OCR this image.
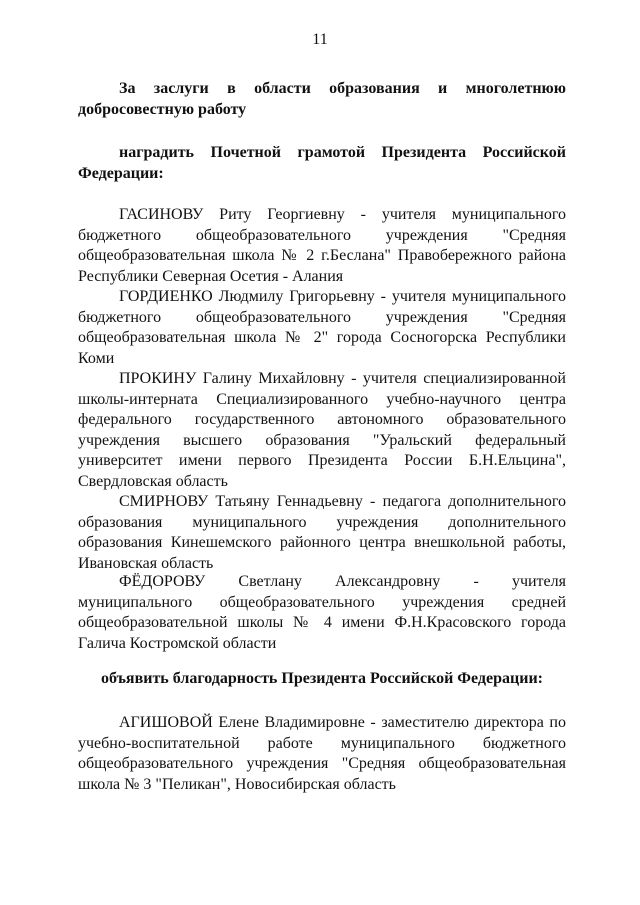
11
За заслуги в области образования и многолетнюю добросовестную работу
наградить Почетной грамотой Президента Российской Федерации:
ГАСИНОВУ Риту Георгиевну - учителя муниципального бюджетного общеобразовательного учреждения "Средняя общеобразовательная школа № 2 г.Беслана" Правобережного района Республики Северная Осетия - Алания
ГОРДИЕНКО Людмилу Григорьевну - учителя муниципального бюджетного общеобразовательного учреждения "Средняя общеобразовательная школа № 2" города Сосногорска Республики Коми
ПРОКИНУ Галину Михайловну - учителя специализированной школы-интерната Специализированного учебно-научного центра федерального государственного автономного образовательного учреждения высшего образования "Уральский федеральный университет имени первого Президента России Б.Н.Ельцина", Свердловская область
СМИРНОВУ Татьяну Геннадьевну - педагога дополнительного образования муниципального учреждения дополнительного образования Кинешемского районного центра внешкольной работы, Ивановская область
ФЁДОРОВУ Светлану Александровну - учителя муниципального общеобразовательного учреждения средней общеобразовательной школы № 4 имени Ф.Н.Красовского города Галича Костромской области
объявить благодарность Президента Российской Федерации:
АГИШОВОЙ Елене Владимировне - заместителю директора по учебно-воспитательной работе муниципального бюджетного общеобразовательного учреждения "Средняя общеобразовательная школа № 3 "Пеликан", Новосибирская область
